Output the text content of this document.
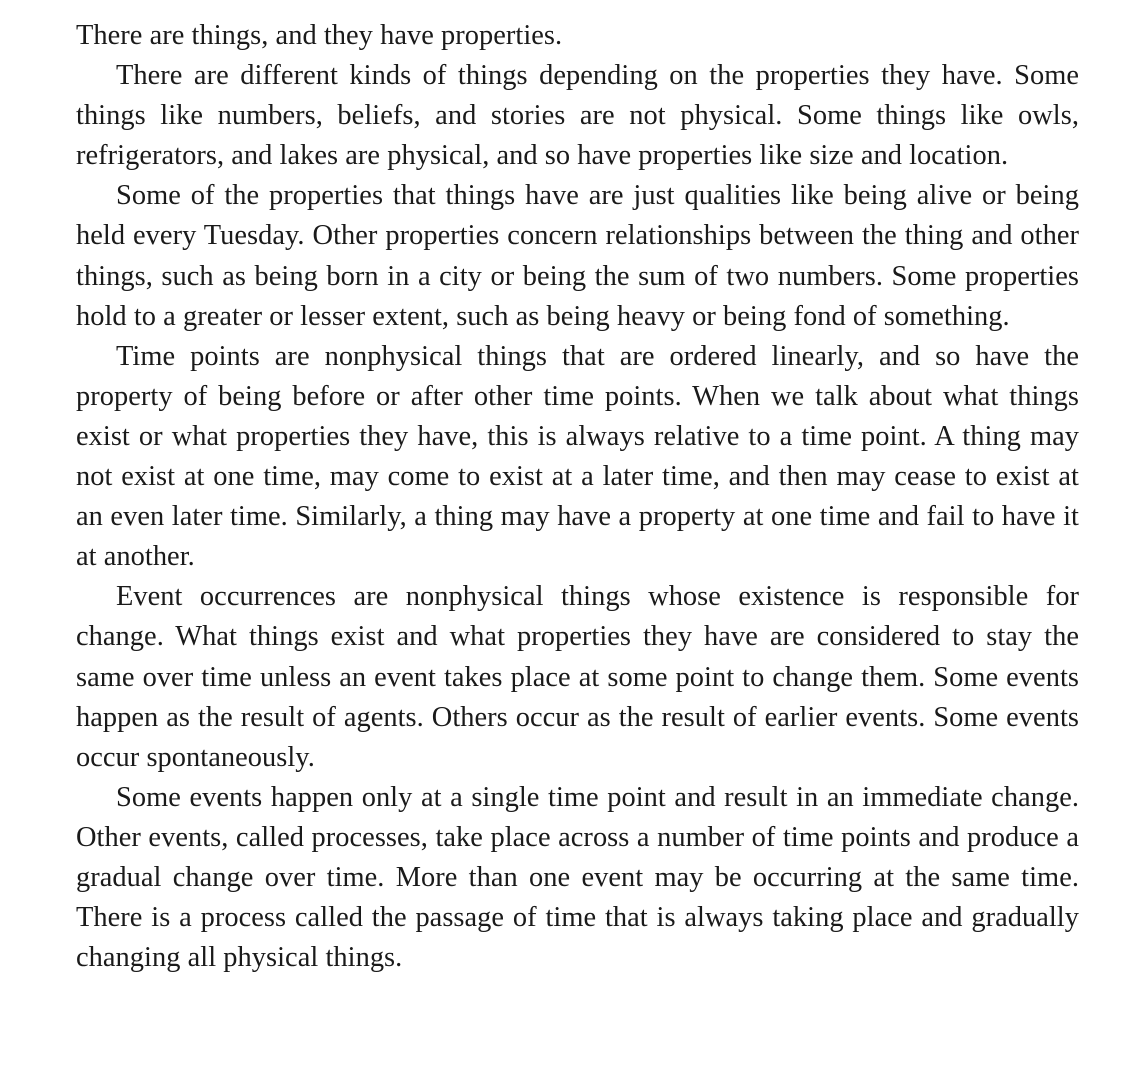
There are things, and they have properties.

There are different kinds of things depending on the properties they have. Some things like numbers, beliefs, and stories are not physical. Some things like owls, refrigerators, and lakes are physical, and so have properties like size and location.

Some of the properties that things have are just qualities like being alive or being held every Tuesday. Other properties concern relationships between the thing and other things, such as being born in a city or being the sum of two numbers. Some properties hold to a greater or lesser extent, such as being heavy or being fond of something.

Time points are nonphysical things that are ordered linearly, and so have the property of being before or after other time points. When we talk about what things exist or what properties they have, this is always relative to a time point. A thing may not exist at one time, may come to exist at a later time, and then may cease to exist at an even later time. Similarly, a thing may have a property at one time and fail to have it at another.

Event occurrences are nonphysical things whose existence is responsible for change. What things exist and what properties they have are considered to stay the same over time unless an event takes place at some point to change them. Some events happen as the result of agents. Others occur as the result of earlier events. Some events occur spontaneously.

Some events happen only at a single time point and result in an immediate change. Other events, called processes, take place across a number of time points and produce a gradual change over time. More than one event may be occurring at the same time. There is a process called the passage of time that is always taking place and gradually changing all physical things.
